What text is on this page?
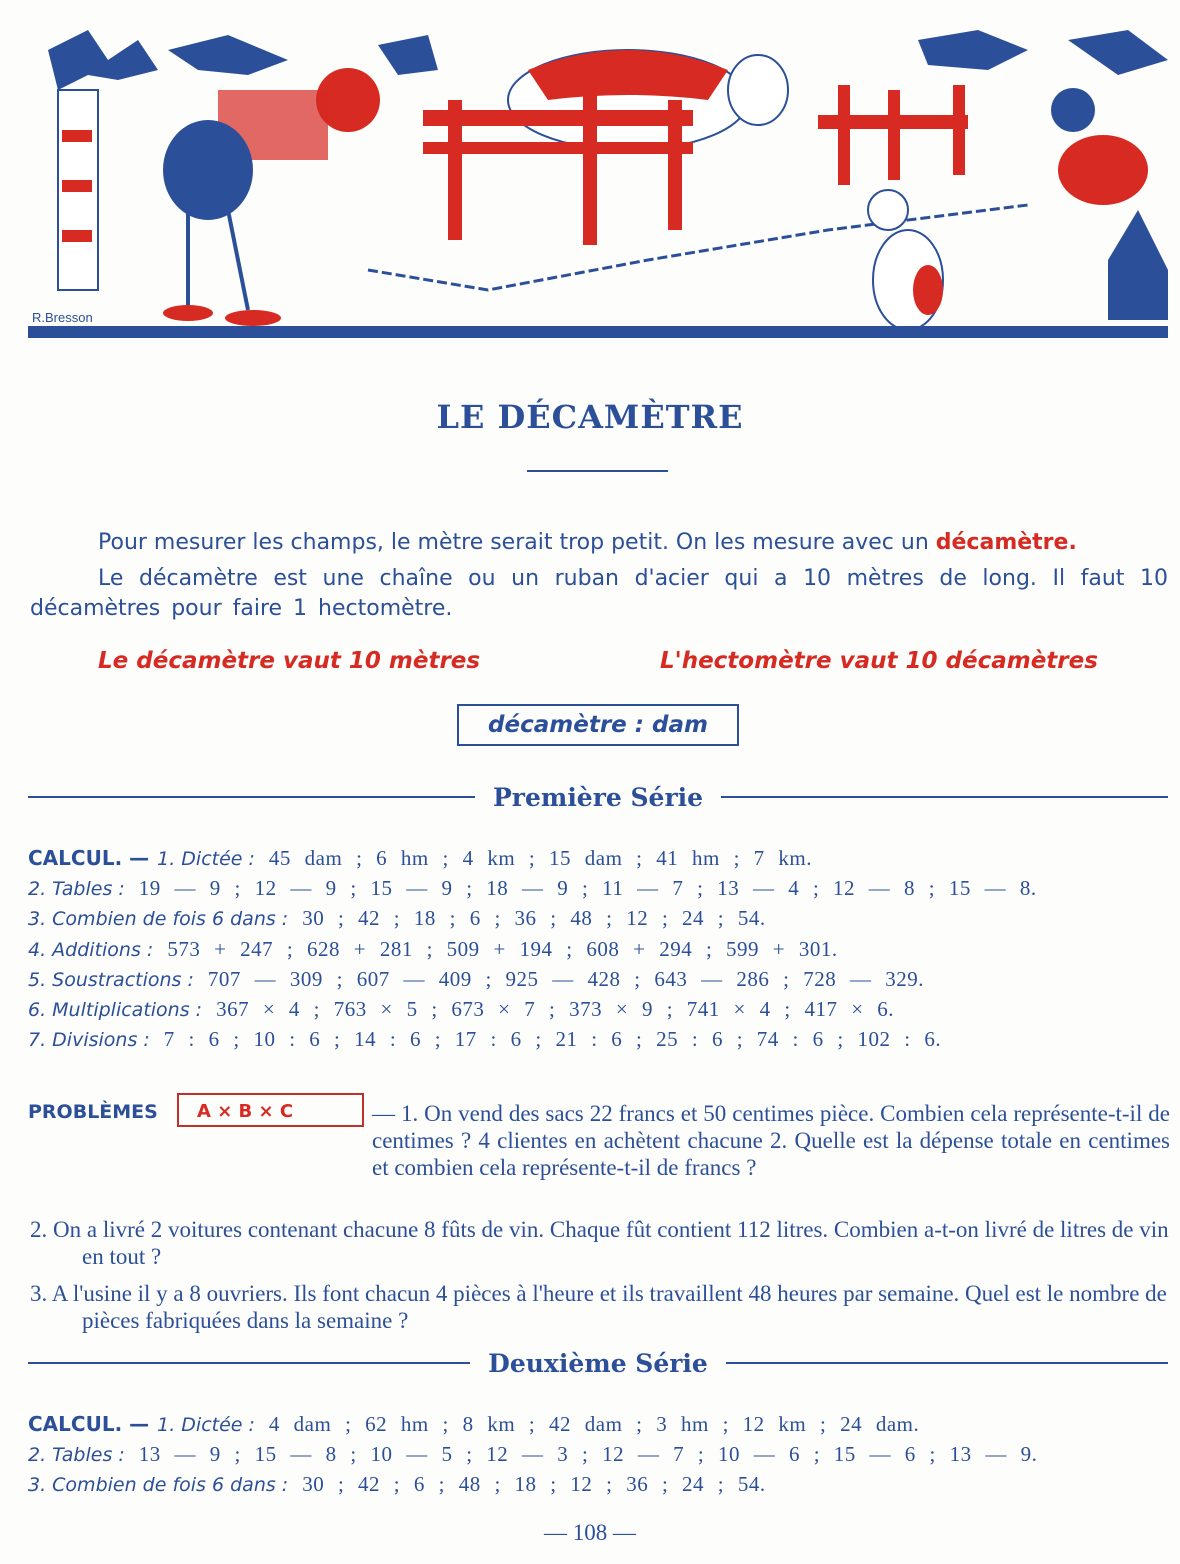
R.Bresson
LE DÉCAMÈTRE
Pour mesurer les champs, le mètre serait trop petit. On les mesure avec un décamètre.
Le décamètre est une chaîne ou un ruban d'acier qui a 10 mètres de long. Il faut 10 décamètres pour faire 1 hectomètre.
Le décamètre vaut 10 mètres	L'hectomètre vaut 10 décamètres
décamètre : dam
Première Série
CALCUL. — 1. Dictée : 45 dam ; 6 hm ; 4 km ; 15 dam ; 41 hm ; 7 km.
2. Tables : 19 — 9 ; 12 — 9 ; 15 — 9 ; 18 — 9 ; 11 — 7 ; 13 — 4 ; 12 — 8 ; 15 — 8.
3. Combien de fois 6 dans : 30 ; 42 ; 18 ; 6 ; 36 ; 48 ; 12 ; 24 ; 54.
4. Additions : 573 + 247 ; 628 + 281 ; 509 + 194 ; 608 + 294 ; 599 + 301.
5. Soustractions : 707 — 309 ; 607 — 409 ; 925 — 428 ; 643 — 286 ; 728 — 329.
6. Multiplications : 367 × 4 ; 763 × 5 ; 673 × 7 ; 373 × 9 ; 741 × 4 ; 417 × 6.
7. Divisions : 7 : 6 ; 10 : 6 ; 14 : 6 ; 17 : 6 ; 21 : 6 ; 25 : 6 ; 74 : 6 ; 102 : 6.
PROBLÈMES	A × B × C	— 1. On vend des sacs 22 francs et 50 centimes pièce. Combien cela représente-t-il de centimes ? 4 clientes en achètent chacune 2. Quelle est la dépense totale en centimes et combien cela représente-t-il de francs ?
2. On a livré 2 voitures contenant chacune 8 fûts de vin. Chaque fût contient 112 litres. Combien a-t-on livré de litres de vin en tout ?
3. A l'usine il y a 8 ouvriers. Ils font chacun 4 pièces à l'heure et ils travaillent 48 heures par semaine. Quel est le nombre de pièces fabriquées dans la semaine ?
Deuxième Série
CALCUL. — 1. Dictée : 4 dam ; 62 hm ; 8 km ; 42 dam ; 3 hm ; 12 km ; 24 dam.
2. Tables : 13 — 9 ; 15 — 8 ; 10 — 5 ; 12 — 3 ; 12 — 7 ; 10 — 6 ; 15 — 6 ; 13 — 9.
3. Combien de fois 6 dans : 30 ; 42 ; 6 ; 48 ; 18 ; 12 ; 36 ; 24 ; 54.
— 108 —
